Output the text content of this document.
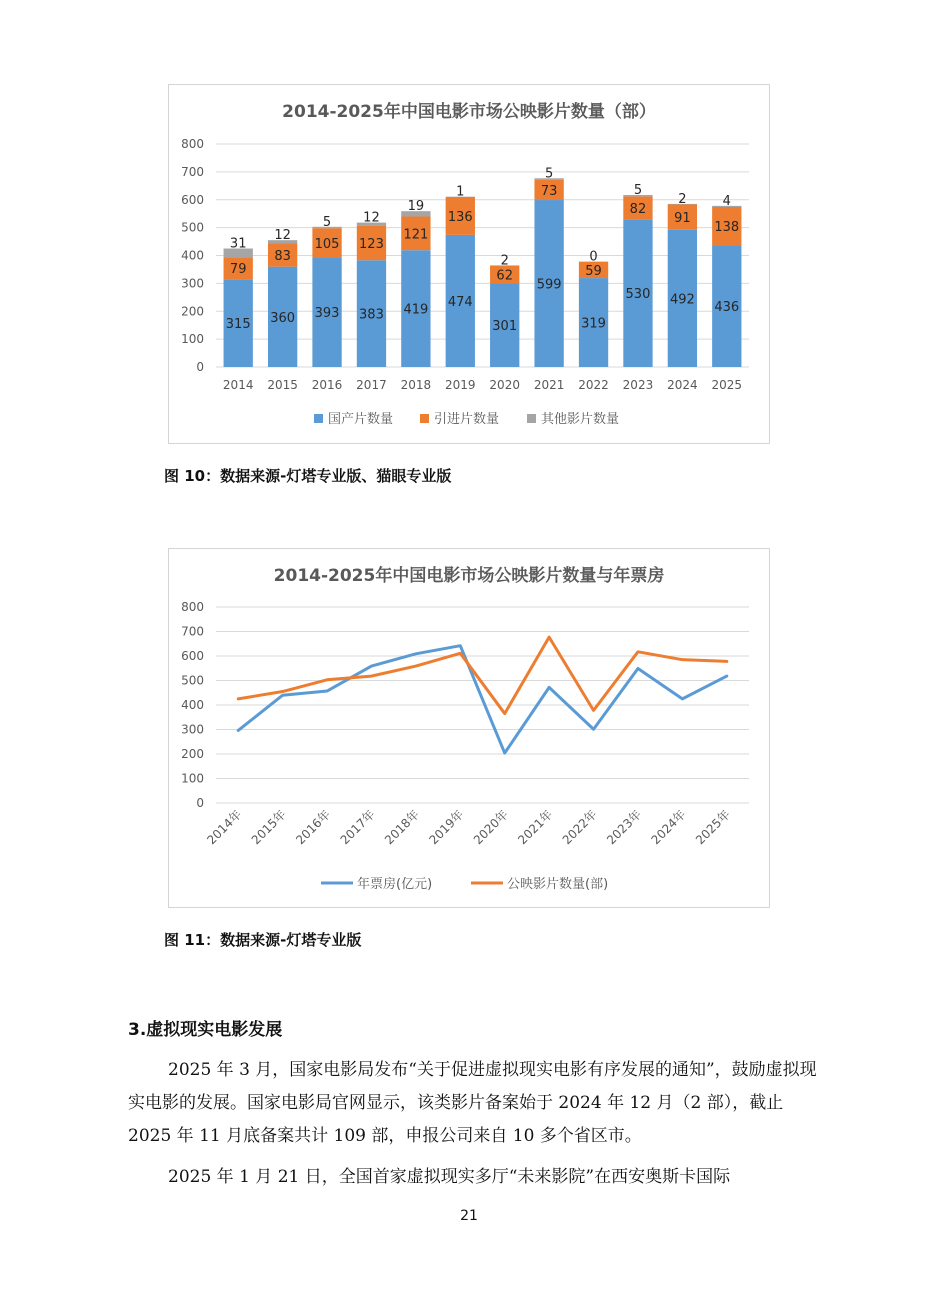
2014-2025年中国电影市场公映影片数量（部）
0
100
200
300
400
500
600
700
800
315
79
31
2014
360
83
12
2015
393
105
5
2016
383
123
12
2017
419
121
19
2018
474
136
1
2019
301
62
2
2020
599
73
5
2021
319
59
0
2022
530
82
5
2023
492
91
2
2024
436
138
4
2025
国产片数量	引进片数量	其他影片数量
图 10：数据来源-灯塔专业版、猫眼专业版
2014-2025年中国电影市场公映影片数量与年票房
0
100
200
300
400
500
600
700
800
2014年 2015年 2016年 2017年 2018年 2019年 2020年 2021年 2022年 2023年 2024年 2025年
年票房(亿元)	公映影片数量(部)
图 11：数据来源-灯塔专业版
3.虚拟现实电影发展

2025 年 3 月，国家电影局发布“关于促进虚拟现实电影有序发展的通知”，鼓励虚拟现实电影的发展。国家电影局官网显示，该类影片备案始于 2024 年 12 月（2 部），截止 2025 年 11 月底备案共计 109 部，申报公司来自 10 多个省区市。

2025 年 1 月 21 日，全国首家虚拟现实多厅“未来影院”在西安奥斯卡国际

21
